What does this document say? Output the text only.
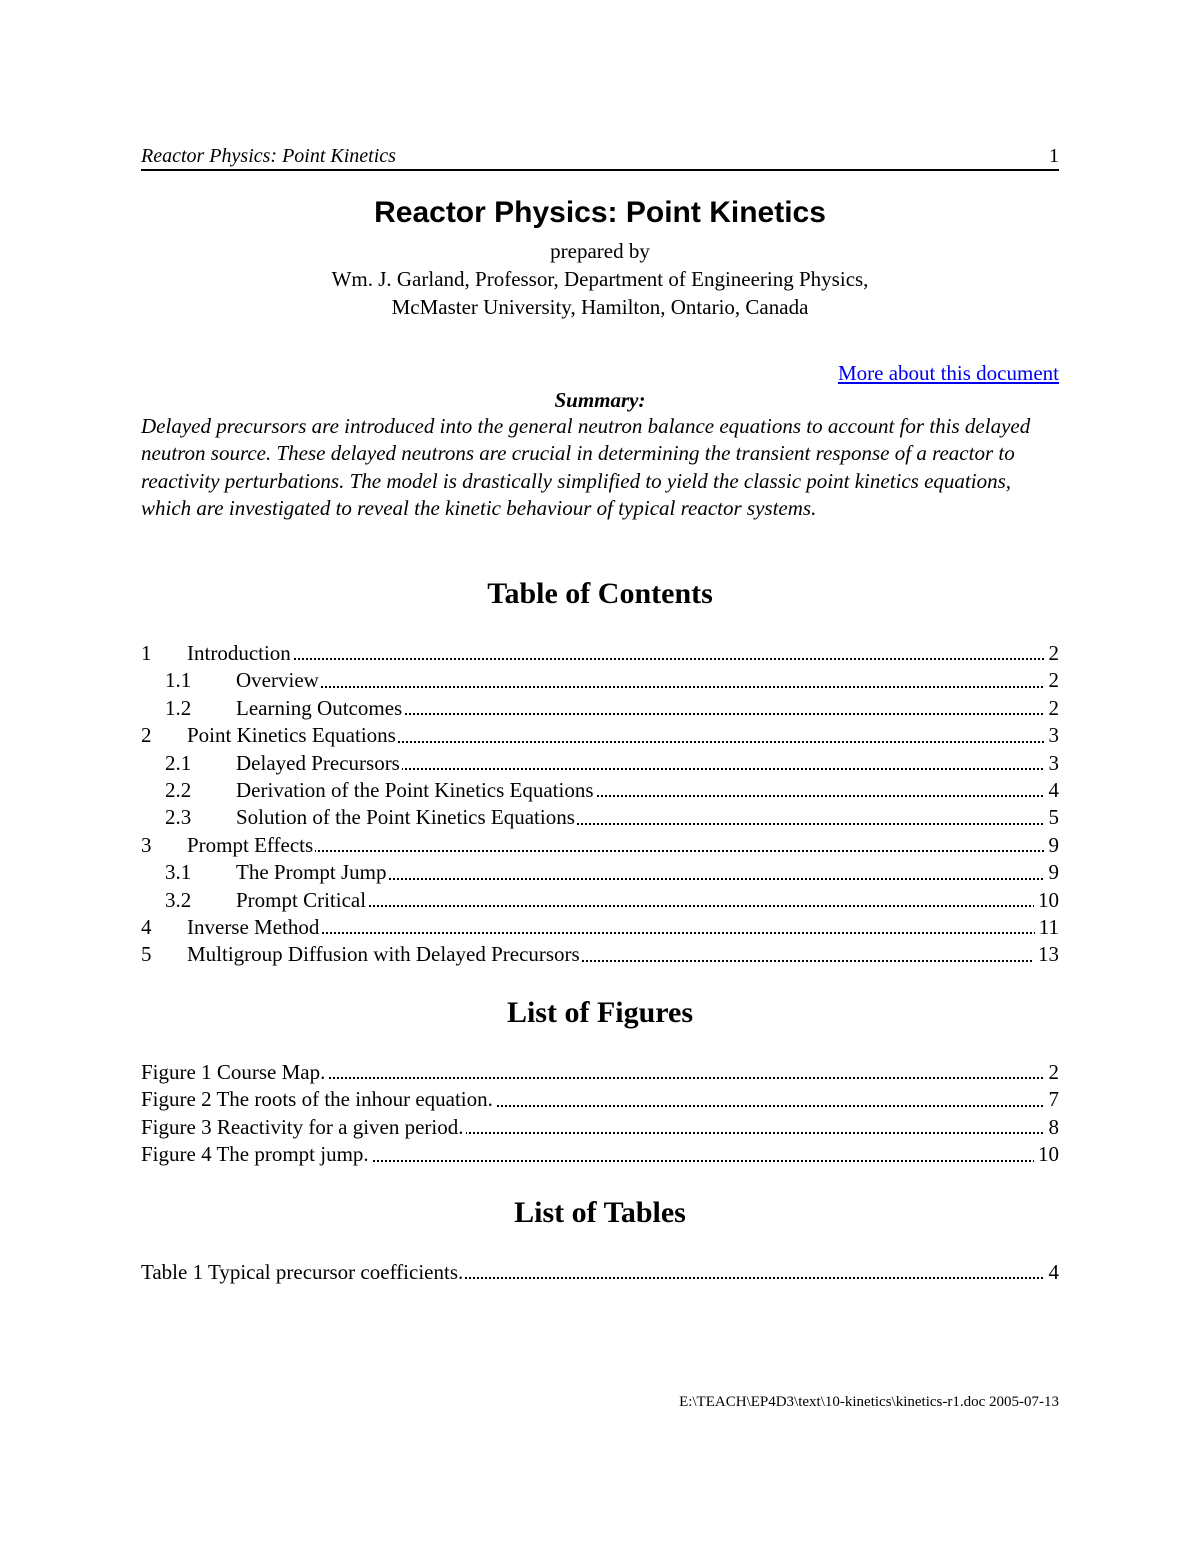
Reactor Physics: Point Kinetics	1
Reactor Physics: Point Kinetics
prepared by
Wm. J. Garland, Professor, Department of Engineering Physics,
McMaster University, Hamilton, Ontario, Canada
More about this document
Summary:
Delayed precursors are introduced into the general neutron balance equations to account for this delayed neutron source. These delayed neutrons are crucial in determining the transient response of a reactor to reactivity perturbations. The model is drastically simplified to yield the classic point kinetics equations, which are investigated to reveal the kinetic behaviour of typical reactor systems.
Table of Contents
1 Introduction	2
1.1 Overview	2
1.2 Learning Outcomes	2
2 Point Kinetics Equations	3
2.1 Delayed Precursors	3
2.2 Derivation of the Point Kinetics Equations	4
2.3 Solution of the Point Kinetics Equations	5
3 Prompt Effects	9
3.1 The Prompt Jump	9
3.2 Prompt Critical	10
4 Inverse Method	11
5 Multigroup Diffusion with Delayed Precursors	13
List of Figures
Figure 1 Course Map.	2
Figure 2 The roots of the inhour equation.	7
Figure 3 Reactivity for a given period.	8
Figure 4 The prompt jump.	10
List of Tables
Table 1 Typical precursor coefficients.	4
E:\TEACH\EP4D3\text\10-kinetics\kinetics-r1.doc 2005-07-13
